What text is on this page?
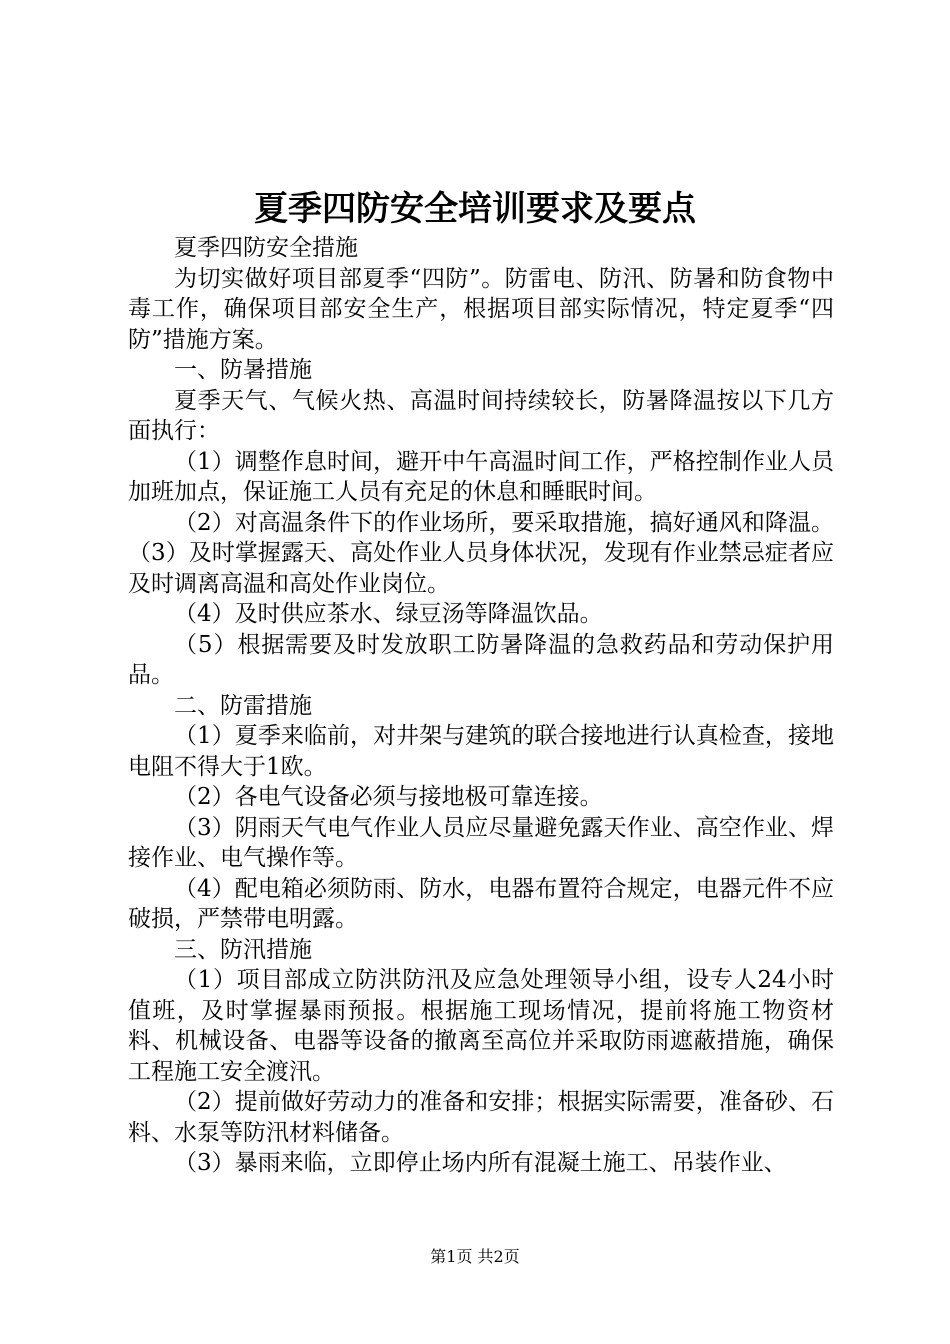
夏季四防安全培训要求及要点

夏季四防安全措施

为切实做好项目部夏季“四防”。防雷电、防汛、防暑和防食物中毒工作，确保项目部安全生产，根据项目部实际情况，特定夏季“四防”措施方案。

一、防暑措施

夏季天气、气候火热、高温时间持续较长，防暑降温按以下几方面执行：

（1）调整作息时间，避开中午高温时间工作，严格控制作业人员加班加点，保证施工人员有充足的休息和睡眠时间。

（2）对高温条件下的作业场所，要采取措施，搞好通风和降温。（3）及时掌握露天、高处作业人员身体状况，发现有作业禁忌症者应及时调离高温和高处作业岗位。

（4）及时供应茶水、绿豆汤等降温饮品。

（5）根据需要及时发放职工防暑降温的急救药品和劳动保护用品。

二、防雷措施

（1）夏季来临前，对井架与建筑的联合接地进行认真检查，接地电阻不得大于1欧。

（2）各电气设备必须与接地极可靠连接。

（3）阴雨天气电气作业人员应尽量避免露天作业、高空作业、焊接作业、电气操作等。

（4）配电箱必须防雨、防水，电器布置符合规定，电器元件不应破损，严禁带电明露。

三、防汛措施

（1）项目部成立防洪防汛及应急处理领导小组，设专人24小时值班，及时掌握暴雨预报。根据施工现场情况，提前将施工物资材料、机械设备、电器等设备的撤离至高位并采取防雨遮蔽措施，确保工程施工安全渡汛。

（2）提前做好劳动力的准备和安排；根据实际需要，准备砂、石料、水泵等防汛材料储备。

（3）暴雨来临，立即停止场内所有混凝土施工、吊装作业、

第1页 共2页
